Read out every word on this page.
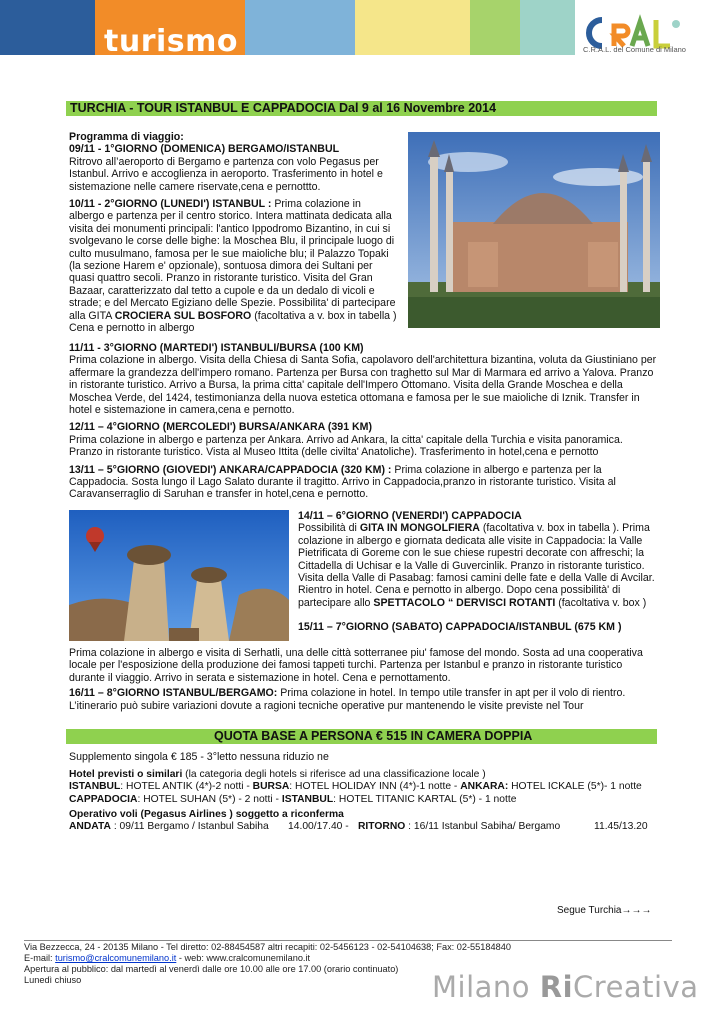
turismo	C.R.A.L. del Comune di Milano
TURCHIA - TOUR ISTANBUL E CAPPADOCIA Dal 9 al 16 Novembre 2014
Programma di viaggio:
09/11 - 1°GIORNO (DOMENICA) BERGAMO/ISTANBUL
Ritrovo all’aeroporto di Bergamo e partenza con volo Pegasus per Istanbul. Arrivo e accoglienza in aeroporto. Trasferimento in hotel e sistemazione nelle camere riservate,cena e pernottto.
10/11 - 2°GIORNO (LUNEDI') ISTANBUL : Prima colazione in albergo e partenza per il centro storico. Intera mattinata dedicata alla visita dei monumenti principali: l'antico Ippodromo Bizantino, in cui si svolgevano le corse delle bighe: la Moschea Blu, il principale luogo di culto musulmano, famosa per le sue maioliche blu; il Palazzo Topaki (la sezione Harem e' opzionale), sontuosa dimora dei Sultani per quasi quattro secoli. Pranzo in ristorante turistico. Visita del Gran Bazaar, caratterizzato dal tetto a cupole e da un dedalo di vicoli e strade; e del Mercato Egiziano delle Spezie. Possibilita' di partecipare alla GITA CROCIERA SUL BOSFORO (facoltativa a v. box in tabella ) Cena e pernotto in albergo
11/11 - 3°GIORNO (MARTEDI') ISTANBULI/BURSA (100 KM)
Prima colazione in albergo. Visita della Chiesa di Santa Sofia, capolavoro dell'architettura bizantina, voluta da Giustiniano per affermare la grandezza dell'impero romano. Partenza per Bursa con traghetto sul Mar di Marmara ed arrivo a Yalova. Pranzo in ristorante turistico. Arrivo a Bursa, la prima citta' capitale dell'Impero Ottomano. Visita della Grande Moschea e della Moschea Verde, del 1424, testimonianza della nuova estetica ottomana e famosa per le sue maioliche di Iznik. Transfer in hotel e sistemazione in camera,cena e pernotto.
12/11 – 4°GIORNO (MERCOLEDI') BURSA/ANKARA (391 KM)
Prima colazione in albergo e partenza per Ankara. Arrivo ad Ankara, la citta' capitale della Turchia e visita panoramica. Pranzo in ristorante turistico. Vista al Museo Ittita (delle civilta' Anatoliche). Trasferimento in hotel,cena e pernotto
13/11 – 5°GIORNO (GIOVEDI') ANKARA/CAPPADOCIA (320 KM) : Prima colazione in albergo e partenza per la Cappadocia. Sosta lungo il Lago Salato durante il tragitto. Arrivo in Cappadocia,pranzo in ristorante turistico. Visita al Caravanserraglio di Saruhan e transfer in hotel,cena e pernotto.
14/11 – 6°GIORNO (VENERDI') CAPPADOCIA
Possibilità di GITA IN MONGOLFIERA (facoltativa v. box in tabella ). Prima colazione in albergo e giornata dedicata alle visite in Cappadocia: la Valle Pietrificata di Goreme con le sue chiese rupestri decorate con affreschi; la Cittadella di Uchisar e la Valle di Guvercinlik. Pranzo in ristorante turistico. Visita della Valle di Pasabag: famosi camini delle fate e della Valle di Avcilar. Rientro in hotel. Cena e pernotto in albergo. Dopo cena possibilità' di partecipare allo SPETTACOLO “ DERVISCI ROTANTI (facoltativa v. box )
15/11 – 7°GIORNO (SABATO) CAPPADOCIA/ISTANBUL (675 KM )
Prima colazione in albergo e visita di Serhatli, una delle città sotterranee piu' famose del mondo. Sosta ad una cooperativa locale per l'esposizione della produzione dei famosi tappeti turchi. Partenza per Istanbul e pranzo in ristorante turistico durante il viaggio. Arrivo in serata e sistemazione in hotel. Cena e pernottamento.
16/11 – 8°GIORNO ISTANBUL/BERGAMO: Prima colazione in hotel. In tempo utile transfer in apt per il volo di rientro.
L’itinerario può subire variazioni dovute a ragioni tecniche operative pur mantenendo le visite previste nel Tour
QUOTA BASE A PERSONA € 515 IN CAMERA DOPPIA
Supplemento singola € 185 - 3°letto nessuna riduzio ne
Hotel previsti o similari (la categoria degli hotels si riferisce ad una classificazione locale )
ISTANBUL: HOTEL ANTIK (4*)-2 notti - BURSA: HOTEL HOLIDAY INN (4*)-1 notte - ANKARA: HOTEL ICKALE (5*)- 1 notte
CAPPADOCIA: HOTEL SUHAN (5*) - 2 notti - ISTANBUL: HOTEL TITANIC KARTAL (5*) - 1 notte
Operativo voli (Pegasus Airlines ) soggetto a riconferma
ANDATA : 09/11 Bergamo / Istanbul Sabiha 14.00/17.40 - RITORNO : 16/11 Istanbul Sabiha/ Bergamo	11.45/13.20
Segue Turchia→→→
Via Bezzecca, 24 - 20135 Milano - Tel diretto: 02-88454587 altri recapiti: 02-5456123 - 02-54104638; Fax: 02-55184840
E-mail: turismo@cralcomunemilano.it - web: www.cralcomunemilano.it
Apertura al pubblico: dal martedì al venerdì dalle ore 10.00 alle ore 17.00 (orario continuato)
Lunedì chiuso	Milano RiCreativa
